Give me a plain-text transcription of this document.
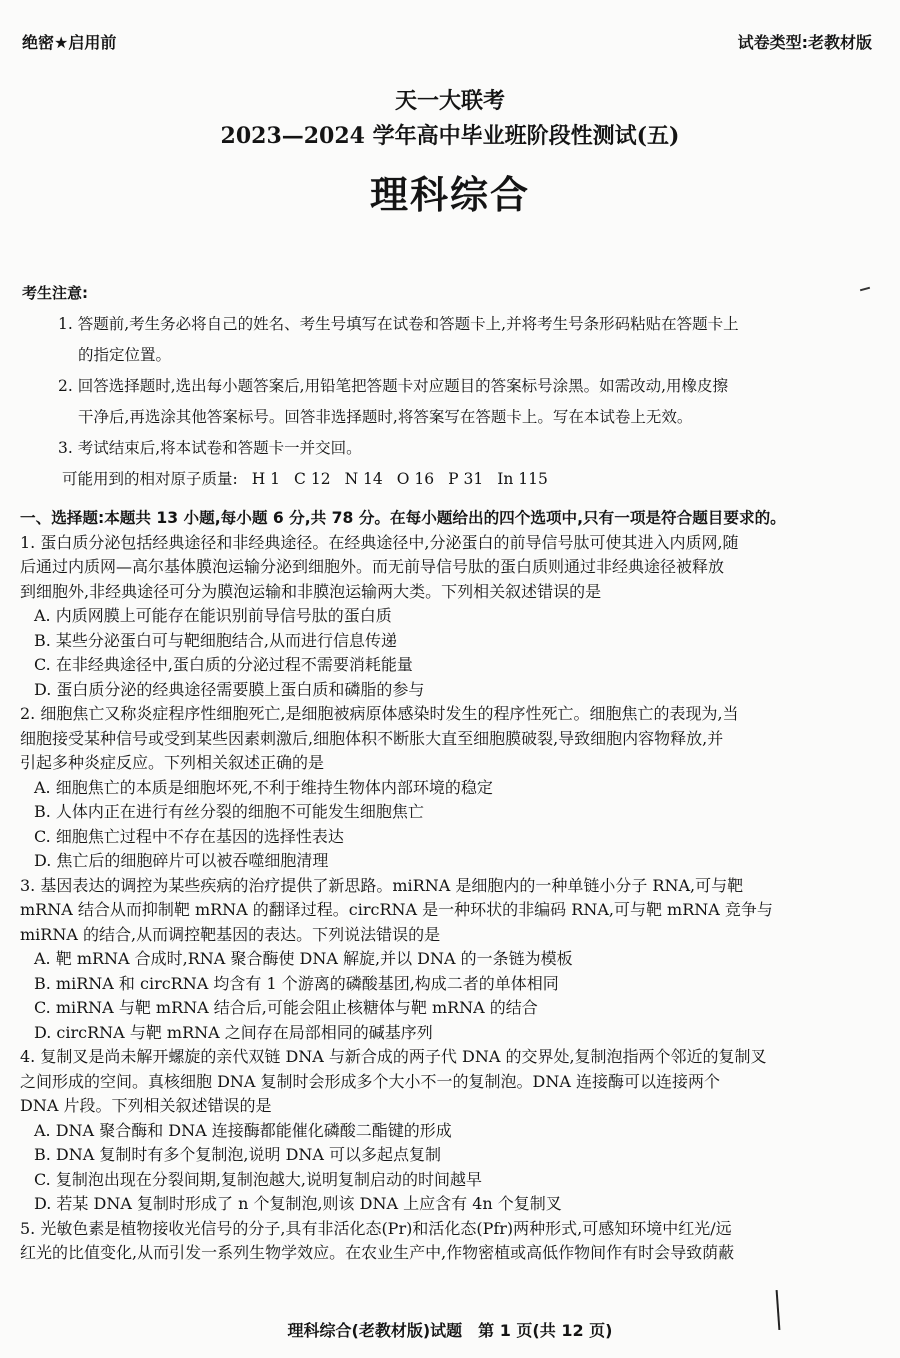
绝密★启用前	试卷类型:老教材版
天一大联考
2023—2024 学年高中毕业班阶段性测试(五)
理科综合
考生注意:
1. 答题前,考生务必将自己的姓名、考生号填写在试卷和答题卡上,并将考生号条形码粘贴在答题卡上
的指定位置。
2. 回答选择题时,选出每小题答案后,用铅笔把答题卡对应题目的答案标号涂黑。如需改动,用橡皮擦
干净后,再选涂其他答案标号。回答非选择题时,将答案写在答题卡上。写在本试卷上无效。
3. 考试结束后,将本试卷和答题卡一并交回。
可能用到的相对原子质量: H 1 C 12 N 14 O 16 P 31 In 115
一、选择题:本题共 13 小题,每小题 6 分,共 78 分。在每小题给出的四个选项中,只有一项是符合题目要求的。
1. 蛋白质分泌包括经典途径和非经典途径。在经典途径中,分泌蛋白的前导信号肽可使其进入内质网,随
后通过内质网—高尔基体膜泡运输分泌到细胞外。而无前导信号肽的蛋白质则通过非经典途径被释放
到细胞外,非经典途径可分为膜泡运输和非膜泡运输两大类。下列相关叙述错误的是
A. 内质网膜上可能存在能识别前导信号肽的蛋白质
B. 某些分泌蛋白可与靶细胞结合,从而进行信息传递
C. 在非经典途径中,蛋白质的分泌过程不需要消耗能量
D. 蛋白质分泌的经典途径需要膜上蛋白质和磷脂的参与
2. 细胞焦亡又称炎症程序性细胞死亡,是细胞被病原体感染时发生的程序性死亡。细胞焦亡的表现为,当
细胞接受某种信号或受到某些因素刺激后,细胞体积不断胀大直至细胞膜破裂,导致细胞内容物释放,并
引起多种炎症反应。下列相关叙述正确的是
A. 细胞焦亡的本质是细胞坏死,不利于维持生物体内部环境的稳定
B. 人体内正在进行有丝分裂的细胞不可能发生细胞焦亡
C. 细胞焦亡过程中不存在基因的选择性表达
D. 焦亡后的细胞碎片可以被吞噬细胞清理
3. 基因表达的调控为某些疾病的治疗提供了新思路。miRNA 是细胞内的一种单链小分子 RNA,可与靶
mRNA 结合从而抑制靶 mRNA 的翻译过程。circRNA 是一种环状的非编码 RNA,可与靶 mRNA 竞争与
miRNA 的结合,从而调控靶基因的表达。下列说法错误的是
A. 靶 mRNA 合成时,RNA 聚合酶使 DNA 解旋,并以 DNA 的一条链为模板
B. miRNA 和 circRNA 均含有 1 个游离的磷酸基团,构成二者的单体相同
C. miRNA 与靶 mRNA 结合后,可能会阻止核糖体与靶 mRNA 的结合
D. circRNA 与靶 mRNA 之间存在局部相同的碱基序列
4. 复制叉是尚未解开螺旋的亲代双链 DNA 与新合成的两子代 DNA 的交界处,复制泡指两个邻近的复制叉
之间形成的空间。真核细胞 DNA 复制时会形成多个大小不一的复制泡。DNA 连接酶可以连接两个
DNA 片段。下列相关叙述错误的是
A. DNA 聚合酶和 DNA 连接酶都能催化磷酸二酯键的形成
B. DNA 复制时有多个复制泡,说明 DNA 可以多起点复制
C. 复制泡出现在分裂间期,复制泡越大,说明复制启动的时间越早
D. 若某 DNA 复制时形成了 n 个复制泡,则该 DNA 上应含有 4n 个复制叉
5. 光敏色素是植物接收光信号的分子,具有非活化态(Pr)和活化态(Pfr)两种形式,可感知环境中红光/远
红光的比值变化,从而引发一系列生物学效应。在农业生产中,作物密植或高低作物间作有时会导致荫蔽
理科综合(老教材版)试题　第 1 页(共 12 页)
